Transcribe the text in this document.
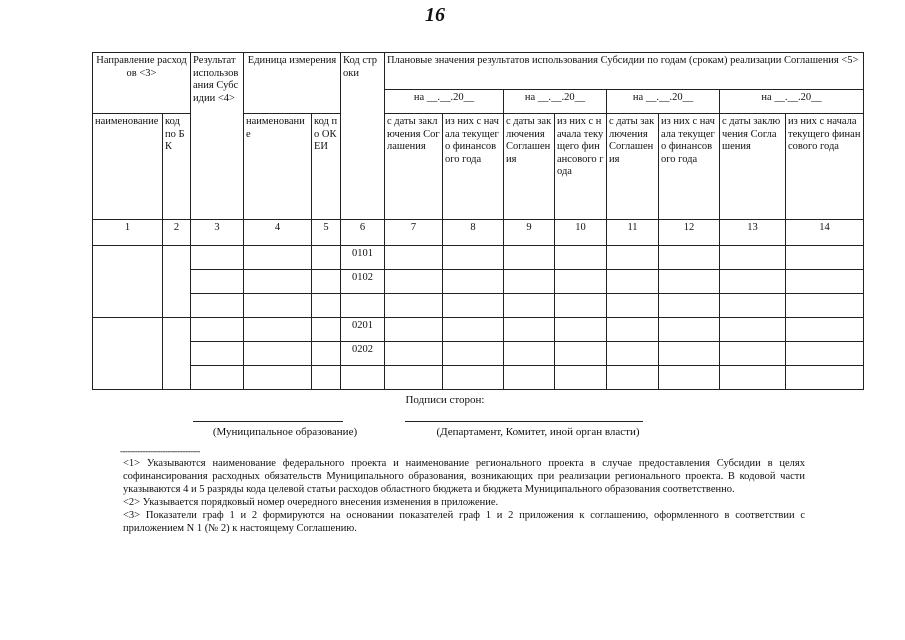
16
Направление расходов <3>		Результат использования Субсидии <4>	Единица измерения		Код строки	Плановые значения результатов использования Субсидии по годам (срокам) реализации Соглашения <5>							
						на __.__.20__		на __.__.20__		на __.__.20__		на __.__.20__	
наименование	код по БК		наименование	код по ОКЕИ		с даты заключения Соглашения	из них с начала текущего финансового года	с даты заключения Соглашения	из них с начала текущего финансового года	с даты заключения Соглашения	из них с начала текущего финансового года	с даты заключения Соглашения	из них с начала текущего финансового года
1	2	3	4	5	6	7	8	9	10	11	12	13	14
					0101								
					0102								

					0201								
					0202								

Подписи сторон:
(Муниципальное образование)	(Департамент, Комитет, иной орган власти)
--------------------------------

<1> Указываются наименование федерального проекта и наименование регионального проекта в случае предоставления Субсидии в целях софинансирования расходных обязательств Муниципального образования, возникающих при реализации регионального проекта. В кодовой части указываются 4 и 5 разряды кода целевой статьи расходов областного бюджета и бюджета Муниципального образования соответственно.

<2> Указывается порядковый номер очередного внесения изменения в приложение.

<3> Показатели граф 1 и 2 формируются на основании показателей граф 1 и 2 приложения к соглашению, оформленного в соответствии с приложением N 1 (№ 2) к настоящему Соглашению.
